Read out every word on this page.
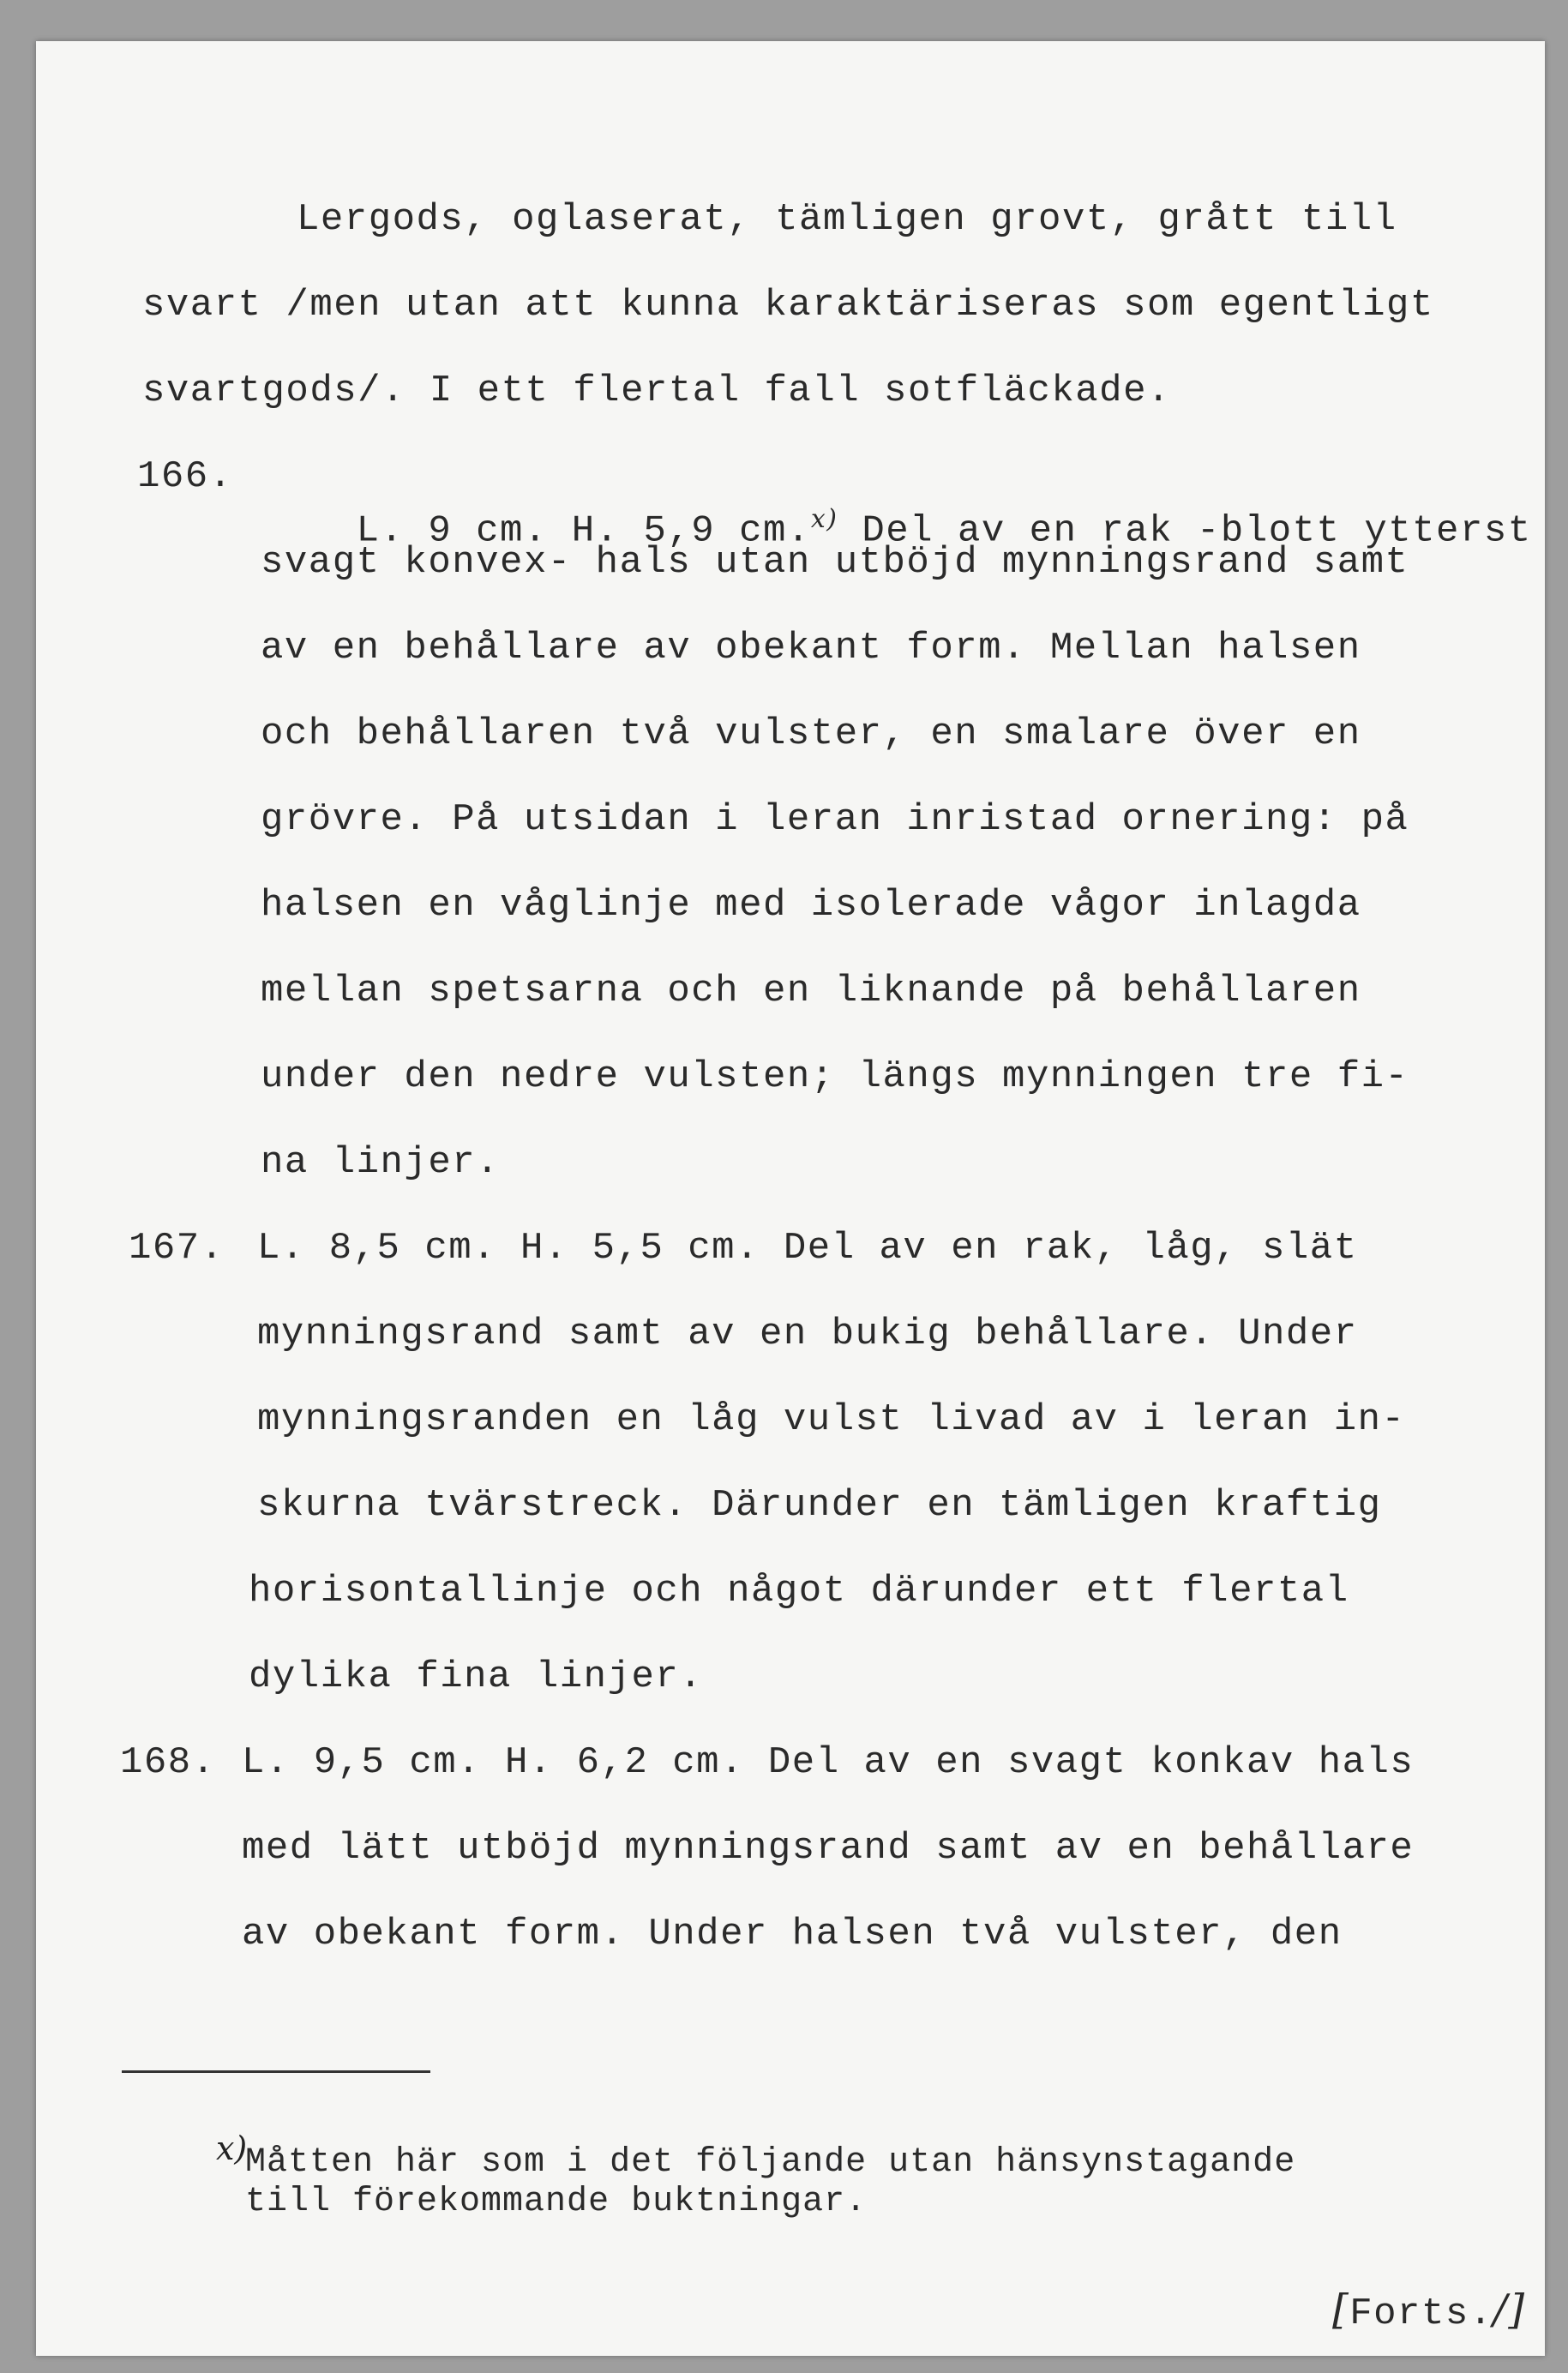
Lergods, oglaserat, tämligen grovt, grått till
svart /men utan att kunna karaktäriseras som egentligt
svartgods/. I ett flertal fall sotfläckade.
166.

L. 9 cm. H. 5,9 cm.$^{x)}$ Del av en rak -blott ytterst

svagt konvex- hals utan utböjd mynningsrand samt
av en behållare av obekant form. Mellan halsen
och behållaren två vulster, en smalare över en
grövre. På utsidan i leran inristad ornering: på
halsen en våglinje med isolerade vågor inlagda
mellan spetsarna och en liknande på behållaren
under den nedre vulsten; längs mynningen tre fi-
na linjer.
167. L. 8,5 cm. H. 5,5 cm. Del av en rak, låg, slät
mynningsrand samt av en bukig behållare. Under
mynningsranden en låg vulst livad av i leran in-
skurna tvärstreck. Därunder en tämligen kraftig
horisontallinje och något därunder ett flertal
dylika fina linjer.
168. L. 9,5 cm. H. 6,2 cm. Del av en svagt konkav hals
med lätt utböjd mynningsrand samt av en behållare
av obekant form. Under halsen två vulster, den
x)
Måtten här som i det följande utan hänsynstagande
till förekommande buktningar.
[Forts./]
